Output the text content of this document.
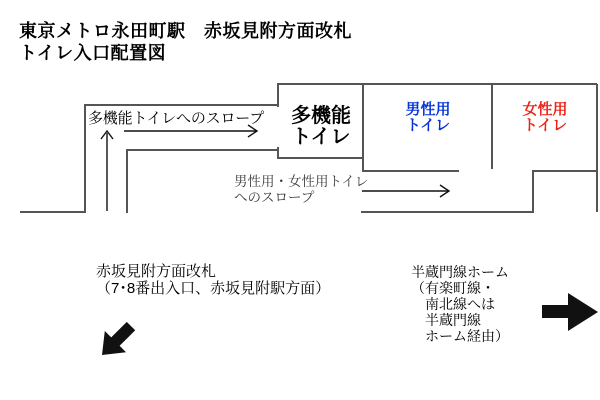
東京メトロ永田町駅　赤坂見附方面改札
トイレ入口配置図
多機能トイレへのスロープ	多機能
トイレ
男性用
トイレ
女性用
トイレ
男性用・女性用トイレ
へのスロープ
赤坂見附方面改札
（7･8番出入口、赤坂見附駅方面）
半蔵門線ホーム
（有楽町線・
　南北線へは
　半蔵門線
　ホーム経由）
